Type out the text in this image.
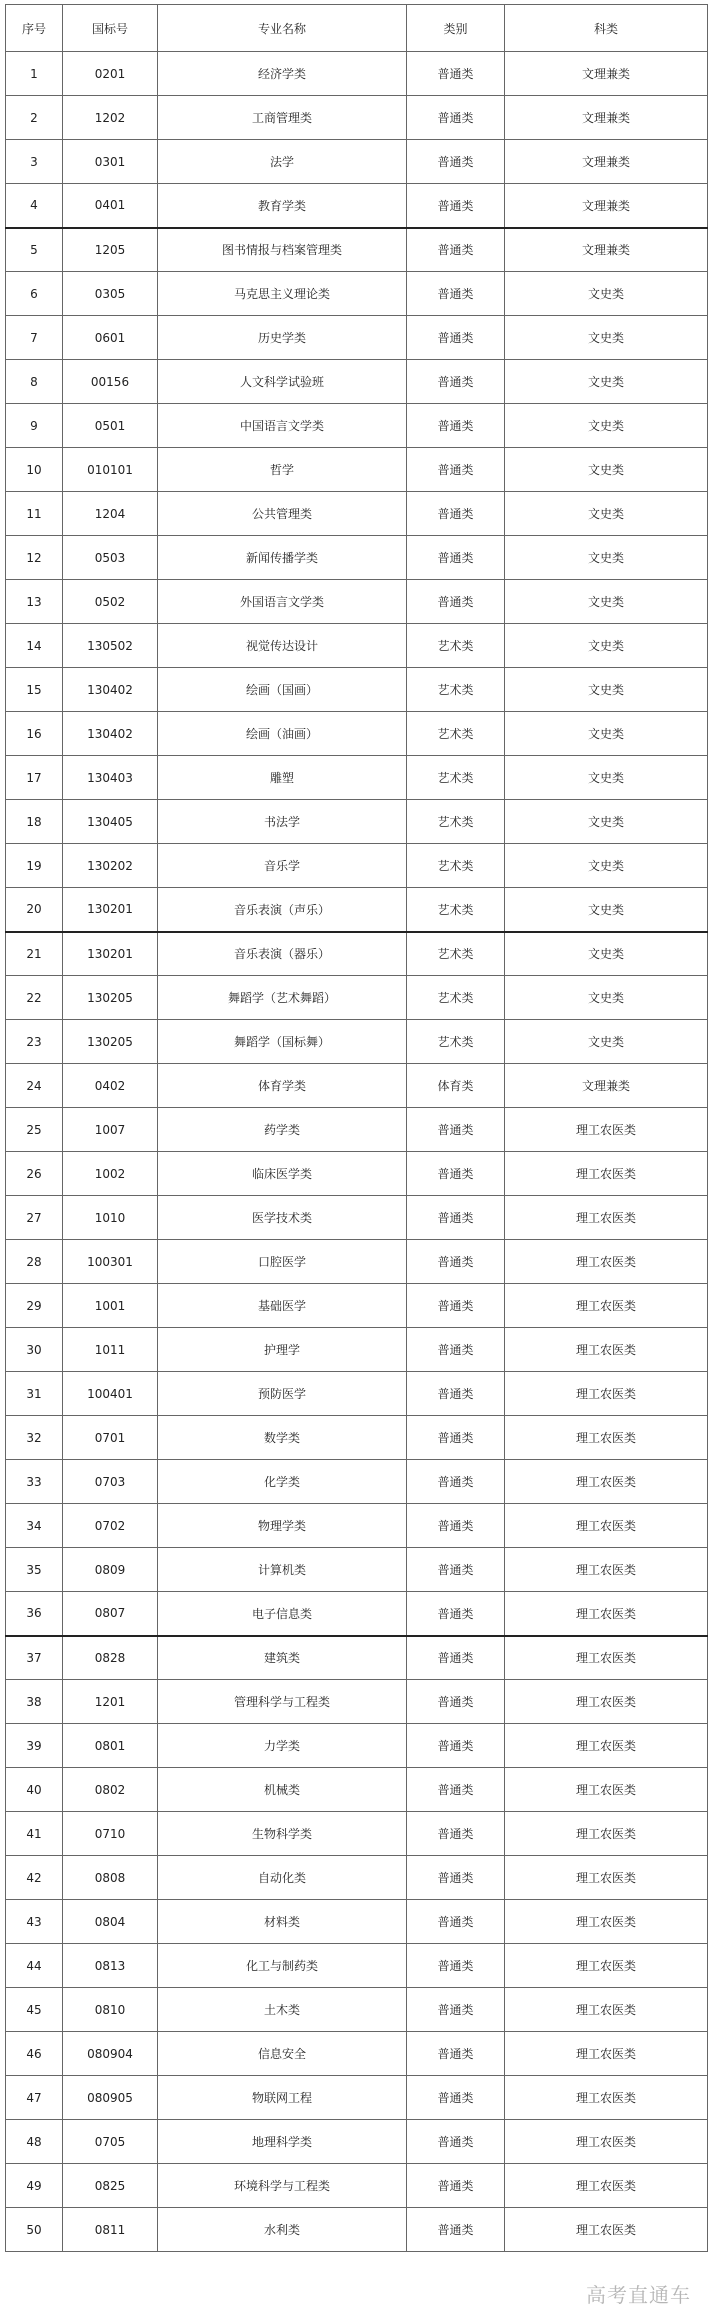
序号	国标号	专业名称	类别	科类
1	0201	经济学类	普通类	文理兼类
2	1202	工商管理类	普通类	文理兼类
3	0301	法学	普通类	文理兼类
4	0401	教育学类	普通类	文理兼类
5	1205	图书情报与档案管理类	普通类	文理兼类
6	0305	马克思主义理论类	普通类	文史类
7	0601	历史学类	普通类	文史类
8	00156	人文科学试验班	普通类	文史类
9	0501	中国语言文学类	普通类	文史类
10	010101	哲学	普通类	文史类
11	1204	公共管理类	普通类	文史类
12	0503	新闻传播学类	普通类	文史类
13	0502	外国语言文学类	普通类	文史类
14	130502	视觉传达设计	艺术类	文史类
15	130402	绘画（国画）	艺术类	文史类
16	130402	绘画（油画）	艺术类	文史类
17	130403	雕塑	艺术类	文史类
18	130405	书法学	艺术类	文史类
19	130202	音乐学	艺术类	文史类
20	130201	音乐表演（声乐）	艺术类	文史类
21	130201	音乐表演（器乐）	艺术类	文史类
22	130205	舞蹈学（艺术舞蹈）	艺术类	文史类
23	130205	舞蹈学（国标舞）	艺术类	文史类
24	0402	体育学类	体育类	文理兼类
25	1007	药学类	普通类	理工农医类
26	1002	临床医学类	普通类	理工农医类
27	1010	医学技术类	普通类	理工农医类
28	100301	口腔医学	普通类	理工农医类
29	1001	基础医学	普通类	理工农医类
30	1011	护理学	普通类	理工农医类
31	100401	预防医学	普通类	理工农医类
32	0701	数学类	普通类	理工农医类
33	0703	化学类	普通类	理工农医类
34	0702	物理学类	普通类	理工农医类
35	0809	计算机类	普通类	理工农医类
36	0807	电子信息类	普通类	理工农医类
37	0828	建筑类	普通类	理工农医类
38	1201	管理科学与工程类	普通类	理工农医类
39	0801	力学类	普通类	理工农医类
40	0802	机械类	普通类	理工农医类
41	0710	生物科学类	普通类	理工农医类
42	0808	自动化类	普通类	理工农医类
43	0804	材料类	普通类	理工农医类
44	0813	化工与制药类	普通类	理工农医类
45	0810	土木类	普通类	理工农医类
46	080904	信息安全	普通类	理工农医类
47	080905	物联网工程	普通类	理工农医类
48	0705	地理科学类	普通类	理工农医类
49	0825	环境科学与工程类	普通类	理工农医类
50	0811	水利类	普通类	理工农医类
高考直通车
